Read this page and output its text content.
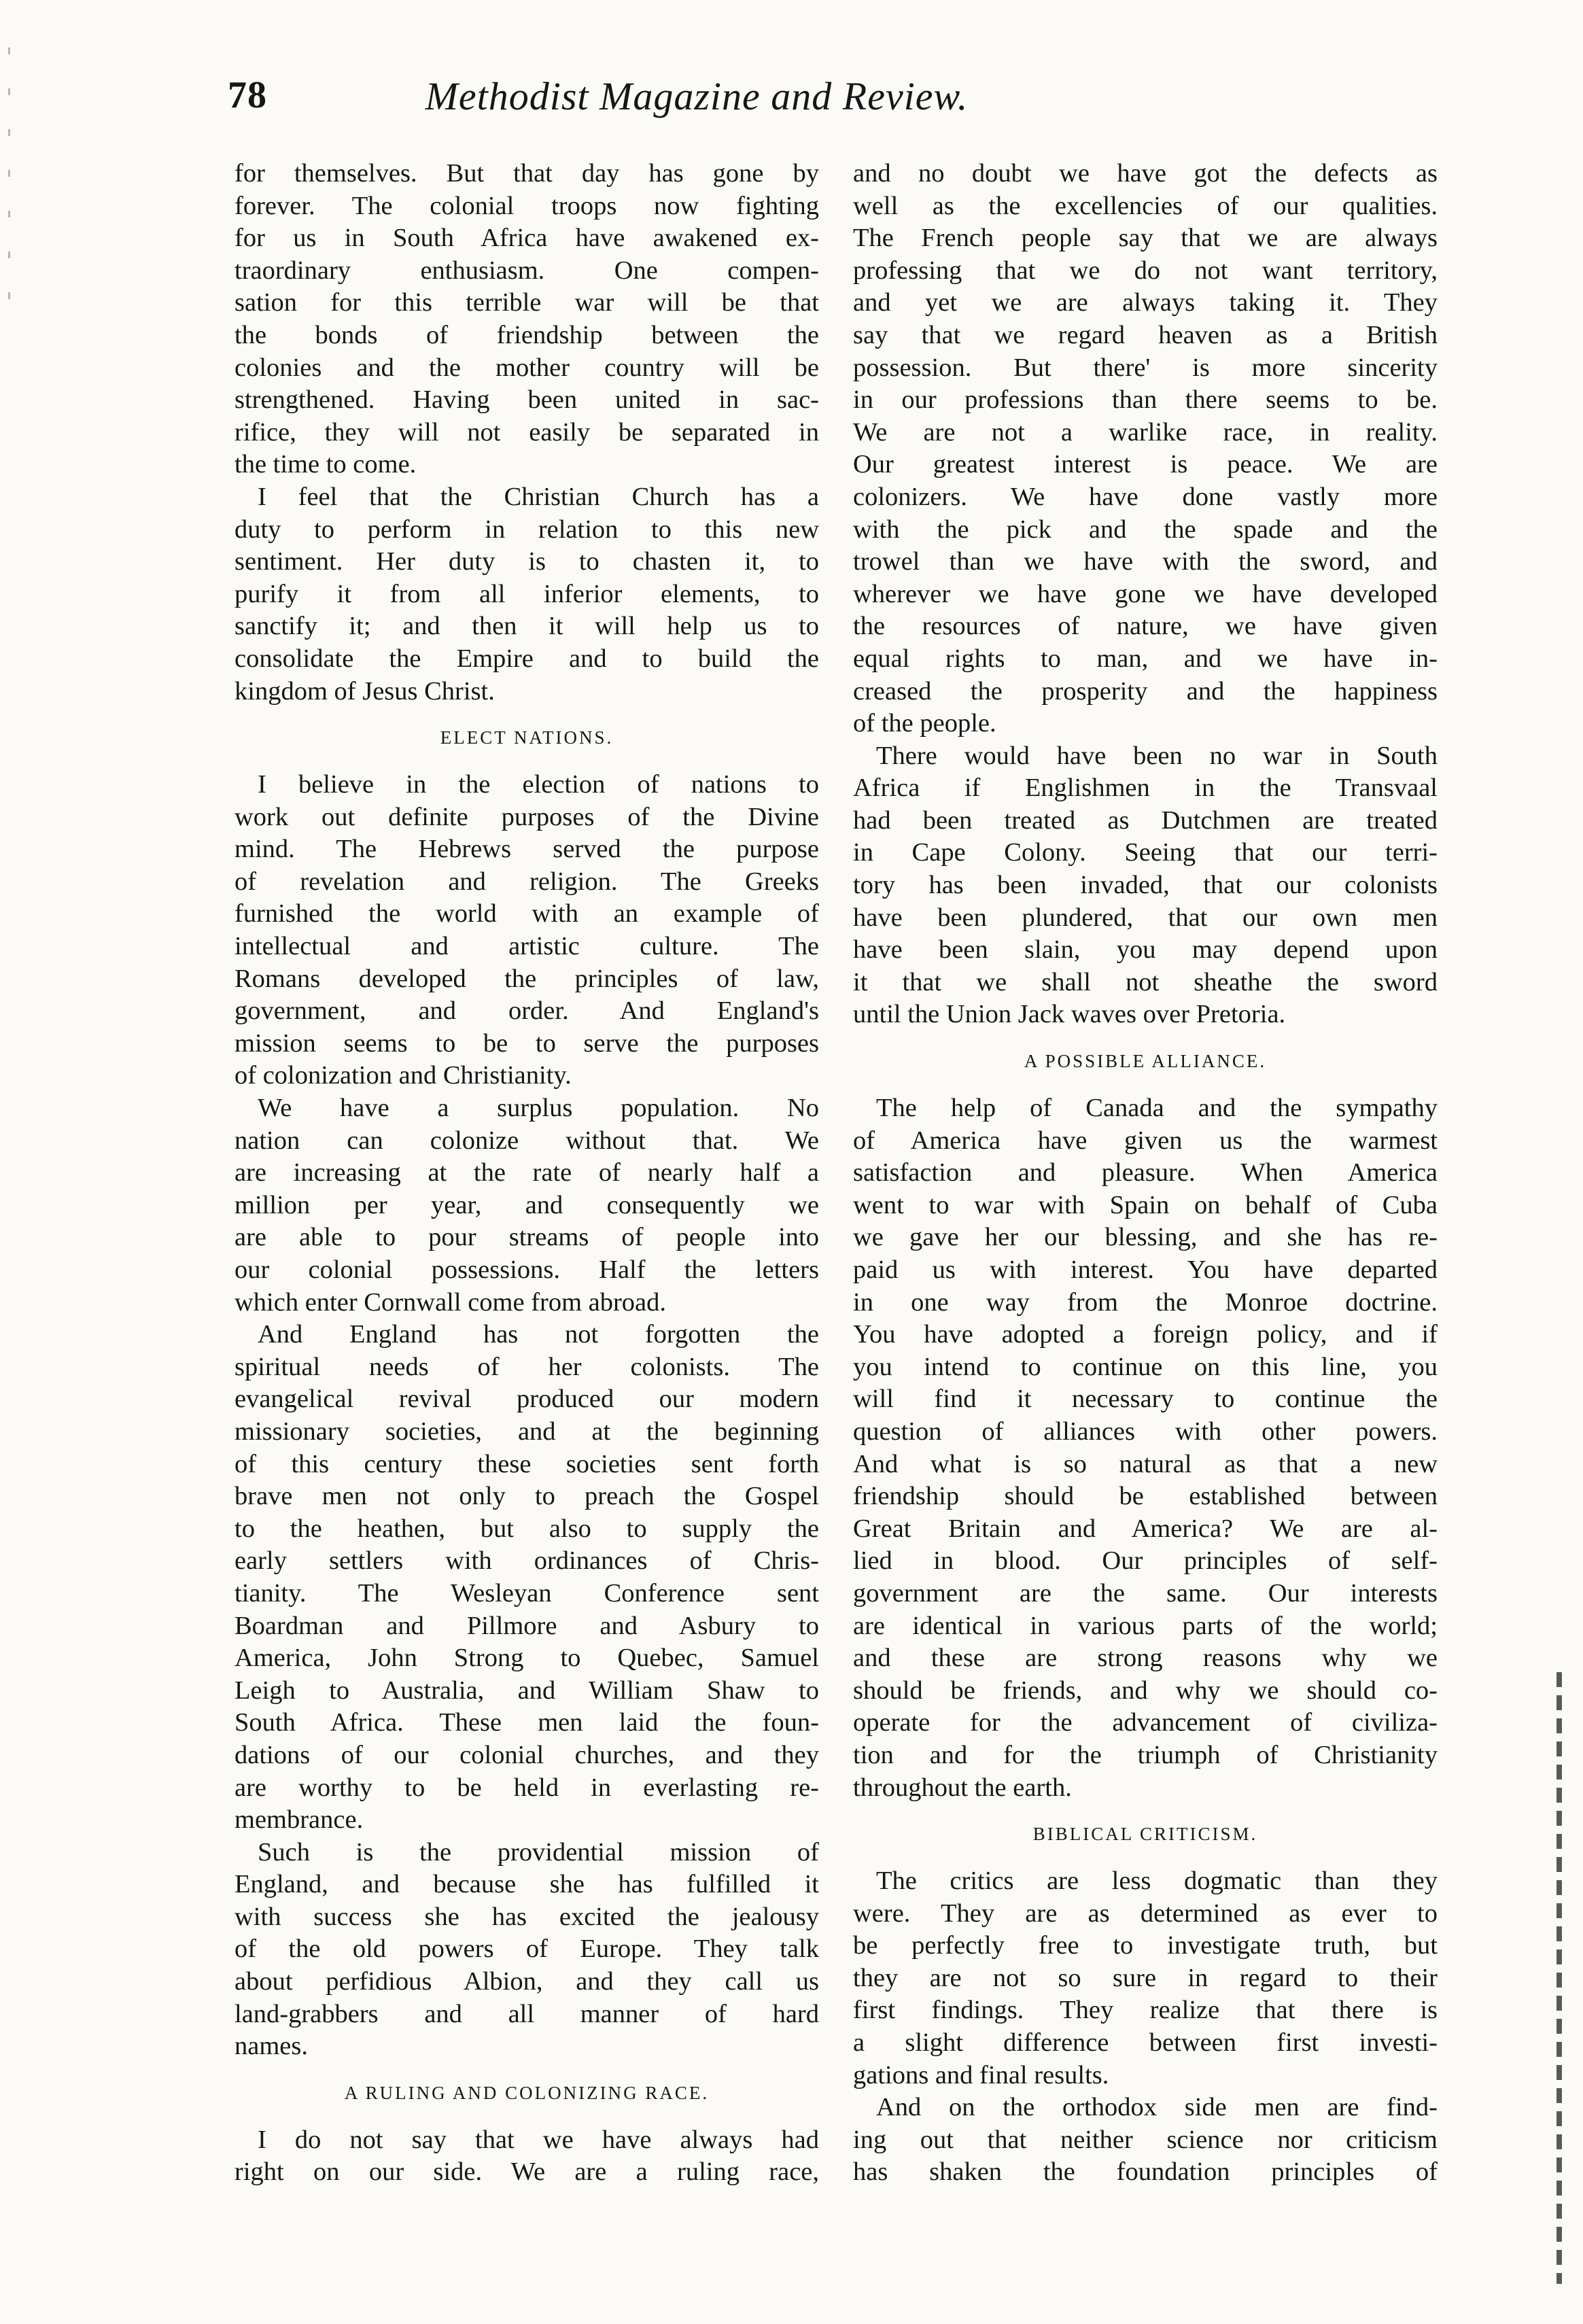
78	Methodist Magazine and Review.
for themselves. But that day has gone by
forever. The colonial troops now fighting
for us in South Africa have awakened ex-
traordinary enthusiasm. One compen-
sation for this terrible war will be that
the bonds of friendship between the
colonies and the mother country will be
strengthened. Having been united in sac-
rifice, they will not easily be separated in
the time to come.
I feel that the Christian Church has a
duty to perform in relation to this new
sentiment. Her duty is to chasten it, to
purify it from all inferior elements, to
sanctify it; and then it will help us to
consolidate the Empire and to build the
kingdom of Jesus Christ.
ELECT NATIONS.
I believe in the election of nations to
work out definite purposes of the Divine
mind. The Hebrews served the purpose
of revelation and religion. The Greeks
furnished the world with an example of
intellectual and artistic culture. The
Romans developed the principles of law,
government, and order. And England's
mission seems to be to serve the purposes
of colonization and Christianity.
We have a surplus population. No
nation can colonize without that. We
are increasing at the rate of nearly half a
million per year, and consequently we
are able to pour streams of people into
our colonial possessions. Half the letters
which enter Cornwall come from abroad.
And England has not forgotten the
spiritual needs of her colonists. The
evangelical revival produced our modern
missionary societies, and at the beginning
of this century these societies sent forth
brave men not only to preach the Gospel
to the heathen, but also to supply the
early settlers with ordinances of Chris-
tianity. The Wesleyan Conference sent
Boardman and Pillmore and Asbury to
America, John Strong to Quebec, Samuel
Leigh to Australia, and William Shaw to
South Africa. These men laid the foun-
dations of our colonial churches, and they
are worthy to be held in everlasting re-
membrance.
Such is the providential mission of
England, and because she has fulfilled it
with success she has excited the jealousy
of the old powers of Europe. They talk
about perfidious Albion, and they call us
land-grabbers and all manner of hard
names.
A RULING AND COLONIZING RACE.
I do not say that we have always had
right on our side. We are a ruling race,
and no doubt we have got the defects as
well as the excellencies of our qualities.
The French people say that we are always
professing that we do not want territory,
and yet we are always taking it. They
say that we regard heaven as a British
possession. But there' is more sincerity
in our professions than there seems to be.
We are not a warlike race, in reality.
Our greatest interest is peace. We are
colonizers. We have done vastly more
with the pick and the spade and the
trowel than we have with the sword, and
wherever we have gone we have developed
the resources of nature, we have given
equal rights to man, and we have in-
creased the prosperity and the happiness
of the people.
There would have been no war in South
Africa if Englishmen in the Transvaal
had been treated as Dutchmen are treated
in Cape Colony. Seeing that our terri-
tory has been invaded, that our colonists
have been plundered, that our own men
have been slain, you may depend upon
it that we shall not sheathe the sword
until the Union Jack waves over Pretoria.
A POSSIBLE ALLIANCE.
The help of Canada and the sympathy
of America have given us the warmest
satisfaction and pleasure. When America
went to war with Spain on behalf of Cuba
we gave her our blessing, and she has re-
paid us with interest. You have departed
in one way from the Monroe doctrine.
You have adopted a foreign policy, and if
you intend to continue on this line, you
will find it necessary to continue the
question of alliances with other powers.
And what is so natural as that a new
friendship should be established between
Great Britain and America? We are al-
lied in blood. Our principles of self-
government are the same. Our interests
are identical in various parts of the world;
and these are strong reasons why we
should be friends, and why we should co-
operate for the advancement of civiliza-
tion and for the triumph of Christianity
throughout the earth.
BIBLICAL CRITICISM.
The critics are less dogmatic than they
were. They are as determined as ever to
be perfectly free to investigate truth, but
they are not so sure in regard to their
first findings. They realize that there is
a slight difference between first investi-
gations and final results.
And on the orthodox side men are find-
ing out that neither science nor criticism
has shaken the foundation principles of
